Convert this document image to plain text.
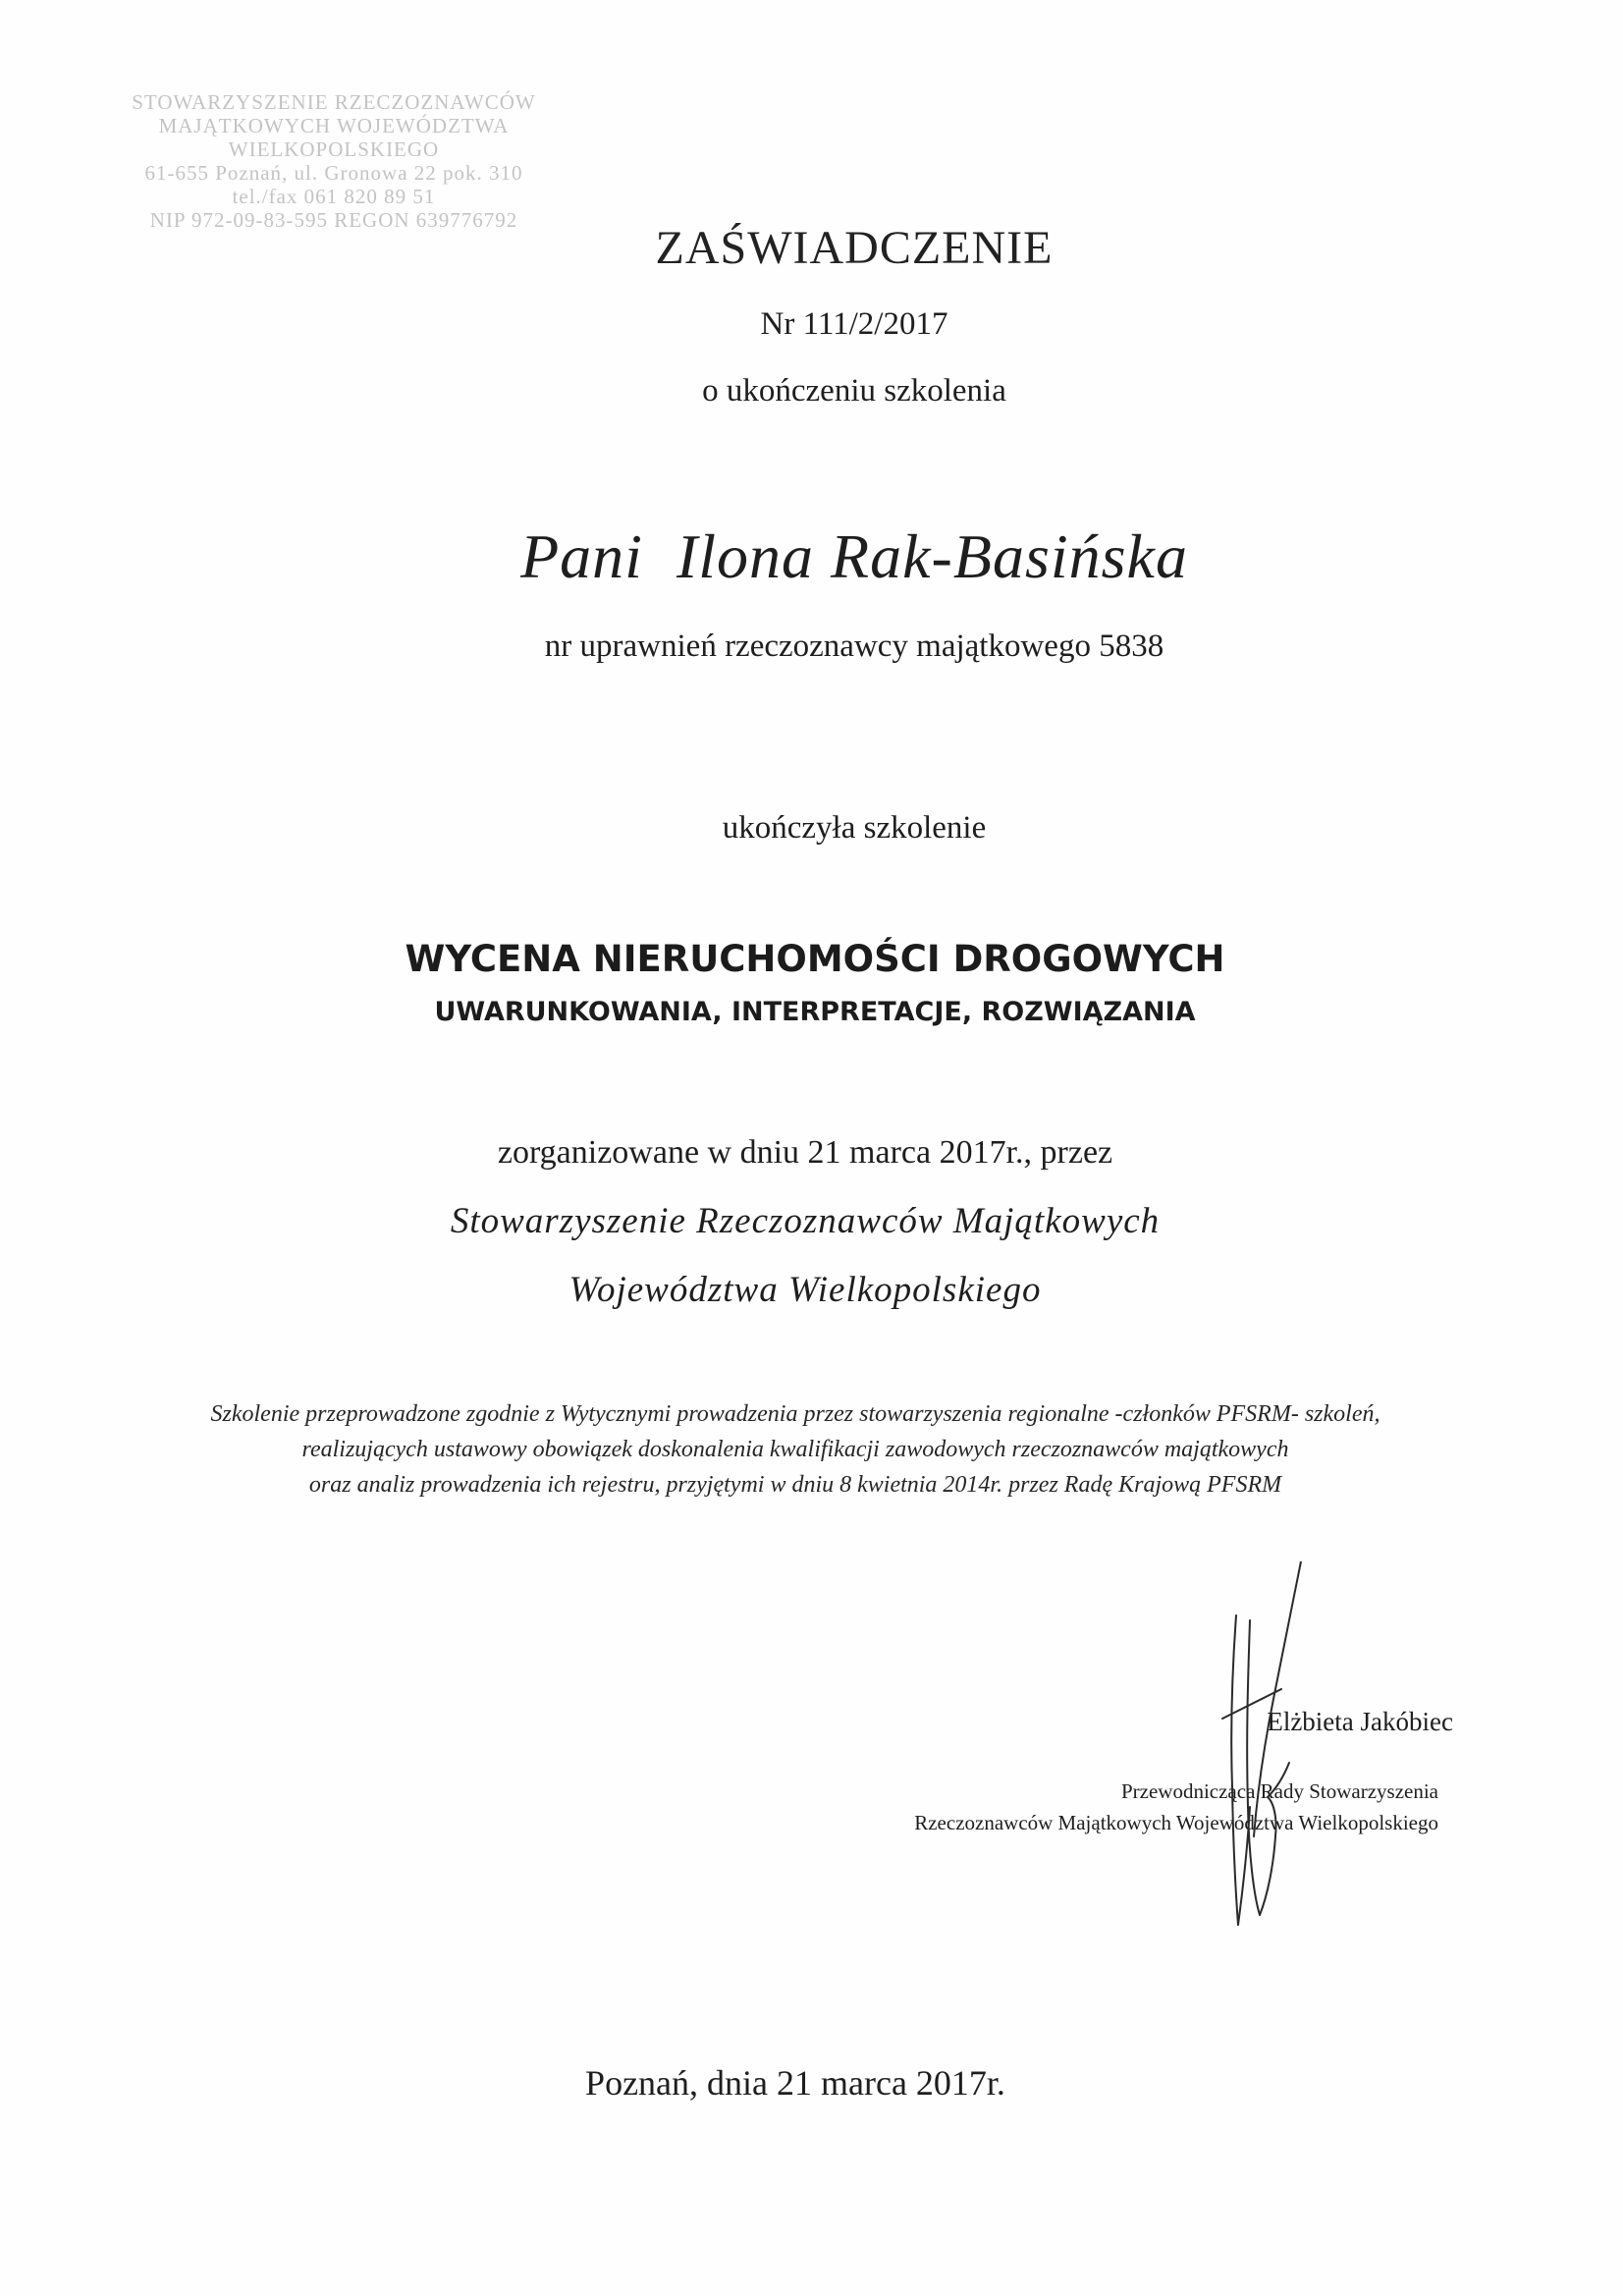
STOWARZYSZENIE RZECZOZNAWCÓW
MAJĄTKOWYCH WOJEWÓDZTWA
WIELKOPOLSKIEGO
61-655 Poznań, ul. Gronowa 22 pok. 310
tel./fax 061 820 89 51
NIP 972-09-83-595 REGON 639776792
ZAŚWIADCZENIE
Nr 111/2/2017
o ukończeniu szkolenia
Pani  Ilona Rak-Basińska
nr uprawnień rzeczoznawcy majątkowego 5838
ukończyła szkolenie
WYCENA NIERUCHOMOŚCI DROGOWYCH
UWARUNKOWANIA, INTERPRETACJE, ROZWIĄZANIA
zorganizowane w dniu 21 marca 2017r., przez
Stowarzyszenie Rzeczoznawców Majątkowych
Województwa Wielkopolskiego
Szkolenie przeprowadzone zgodnie z Wytycznymi prowadzenia przez stowarzyszenia regionalne -członków PFSRM- szkoleń,
realizujących ustawowy obowiązek doskonalenia kwalifikacji zawodowych rzeczoznawców majątkowych
oraz analiz prowadzenia ich rejestru, przyjętymi w dniu 8 kwietnia 2014r. przez Radę Krajową PFSRM
Elżbieta Jakóbiec
Przewodnicząca Rady Stowarzyszenia
Rzeczoznawców Majątkowych Województwa Wielkopolskiego
Poznań, dnia 21 marca 2017r.
